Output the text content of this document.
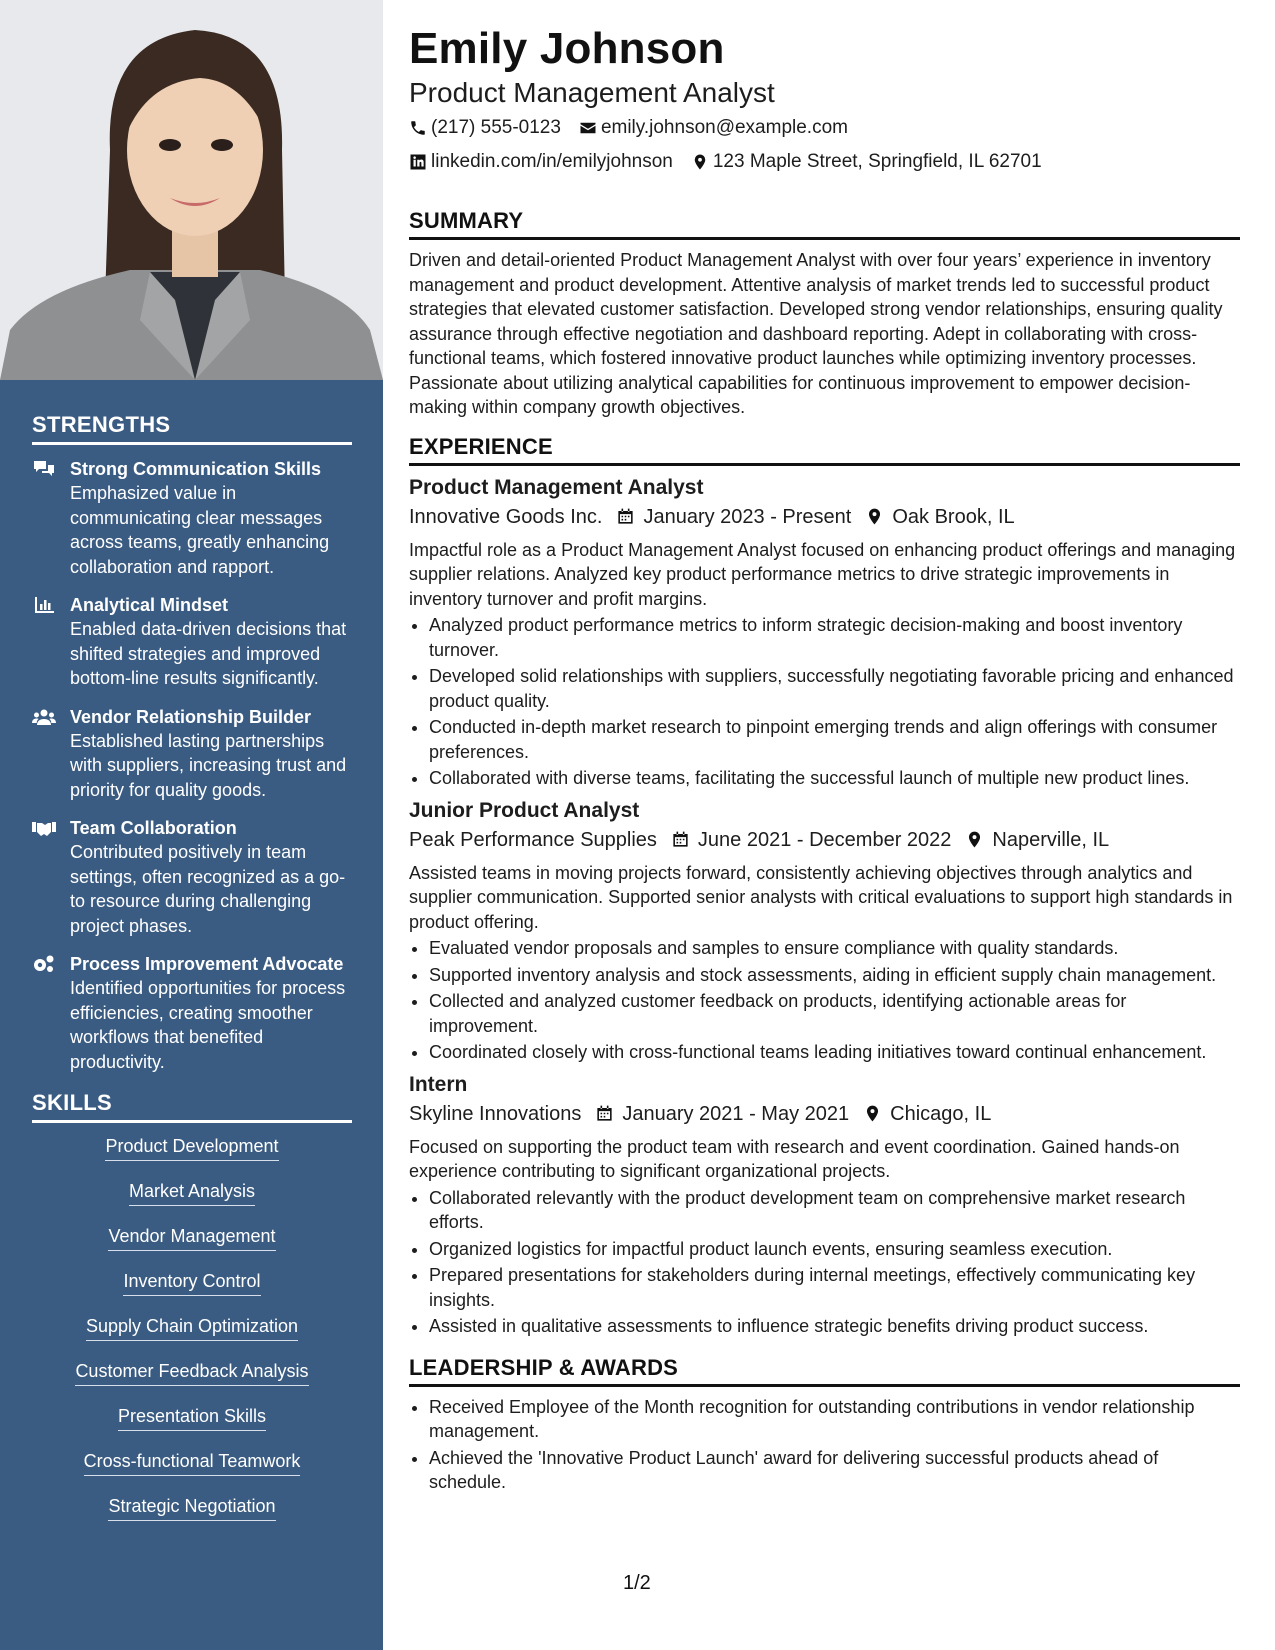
STRENGTHS
Strong Communication Skills
Emphasized value in communicating clear messages across teams, greatly enhancing collaboration and rapport.
Analytical Mindset
Enabled data-driven decisions that shifted strategies and improved bottom-line results significantly.
Vendor Relationship Builder
Established lasting partnerships with suppliers, increasing trust and priority for quality goods.
Team Collaboration
Contributed positively in team settings, often recognized as a go-to resource during challenging project phases.
Process Improvement Advocate
Identified opportunities for process efficiencies, creating smoother workflows that benefited productivity.
SKILLS
Product Development
Market Analysis
Vendor Management
Inventory Control
Supply Chain Optimization
Customer Feedback Analysis
Presentation Skills
Cross-functional Teamwork
Strategic Negotiation
Emily Johnson
Product Management Analyst
(217) 555-0123 emily.johnson@example.com
linkedin.com/in/emilyjohnson 123 Maple Street, Springfield, IL 62701
SUMMARY
Driven and detail-oriented Product Management Analyst with over four years’ experience in inventory management and product development. Attentive analysis of market trends led to successful product strategies that elevated customer satisfaction. Developed strong vendor relationships, ensuring quality assurance through effective negotiation and dashboard reporting. Adept in collaborating with cross-functional teams, which fostered innovative product launches while optimizing inventory processes. Passionate about utilizing analytical capabilities for continuous improvement to empower decision-making within company growth objectives.
EXPERIENCE
Product Management Analyst
Innovative Goods Inc. January 2023 - Present Oak Brook, IL
Impactful role as a Product Management Analyst focused on enhancing product offerings and managing supplier relations. Analyzed key product performance metrics to drive strategic improvements in inventory turnover and profit margins.
• Analyzed product performance metrics to inform strategic decision-making and boost inventory turnover.
• Developed solid relationships with suppliers, successfully negotiating favorable pricing and enhanced product quality.
• Conducted in-depth market research to pinpoint emerging trends and align offerings with consumer preferences.
• Collaborated with diverse teams, facilitating the successful launch of multiple new product lines.
Junior Product Analyst
Peak Performance Supplies June 2021 - December 2022 Naperville, IL
Assisted teams in moving projects forward, consistently achieving objectives through analytics and supplier communication. Supported senior analysts with critical evaluations to support high standards in product offering.
• Evaluated vendor proposals and samples to ensure compliance with quality standards.
• Supported inventory analysis and stock assessments, aiding in efficient supply chain management.
• Collected and analyzed customer feedback on products, identifying actionable areas for improvement.
• Coordinated closely with cross-functional teams leading initiatives toward continual enhancement.
Intern
Skyline Innovations January 2021 - May 2021 Chicago, IL
Focused on supporting the product team with research and event coordination. Gained hands-on experience contributing to significant organizational projects.
• Collaborated relevantly with the product development team on comprehensive market research efforts.
• Organized logistics for impactful product launch events, ensuring seamless execution.
• Prepared presentations for stakeholders during internal meetings, effectively communicating key insights.
• Assisted in qualitative assessments to influence strategic benefits driving product success.
LEADERSHIP & AWARDS
• Received Employee of the Month recognition for outstanding contributions in vendor relationship management.
• Achieved the 'Innovative Product Launch' award for delivering successful products ahead of schedule.
1/2
